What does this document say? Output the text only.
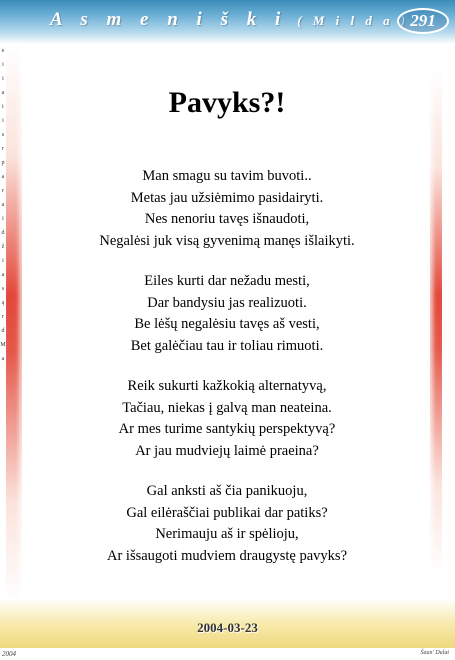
A s m e n i š k i ( M i l d a ) 291
e
i
i
a
t
i
s
r
p
a
r
a
i
d
ž
i
a
s
ą
r
d
M
a
Pavyks?!
Man smagu su tavim buvoti..
Metas jau užsiėmimo pasidairyti.
Nes nenoriu tavęs išnaudoti,
Negalėsi juk visą gyvenimą manęs išlaikyti.
Eiles kurti dar nežadu mesti,
Dar bandysiu jas realizuoti.
Be lėšų negalėsiu tavęs aš vesti,
Bet galėčiau tau ir toliau rimuoti.
Reik sukurti kažkokią alternatyvą,
Tačiau, niekas į galvą man neateina.
Ar mes turime santykių perspektyvą?
Ar jau mudviejų laimė praeina?
Gal anksti aš čia panikuoju,
Gal eilėraščiai publikai dar patiks?
Nerimauju aš ir spėlioju,
Ar išsaugoti mudviem draugystę pavyks?
2004-03-23
2004	Šaun' Dulat
